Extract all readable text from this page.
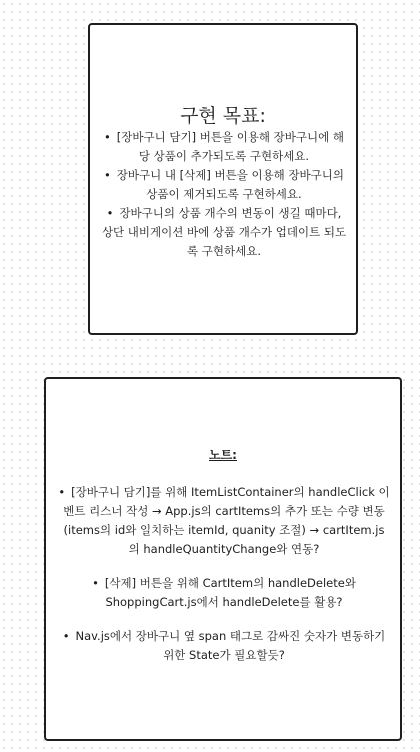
구현 목표:
• [장바구니 담기] 버튼을 이용해 장바구니에 해당 상품이 추가되도록 구현하세요.
• 장바구니 내 [삭제] 버튼을 이용해 장바구니의 상품이 제거되도록 구현하세요.
• 장바구니의 상품 개수의 변동이 생길 때마다, 상단 내비게이션 바에 상품 개수가 업데이트 되도록 구현하세요.
노트:
• [장바구니 담기]를 위해 ItemListContainer의 handleClick 이벤트 리스너 작성 → App.js의 cartItems의 추가 또는 수량 변동 (items의 id와 일치하는 itemId, quanity 조절) → cartItem.js 의 handleQuantityChange와 연동?
• [삭제] 버튼을 위해 CartItem의 handleDelete와 ShoppingCart.js에서 handleDelete를 활용?
• Nav.js에서 장바구니 옆 span 태그로 감싸진 숫자가 변동하기 위한 State가 필요할듯?
